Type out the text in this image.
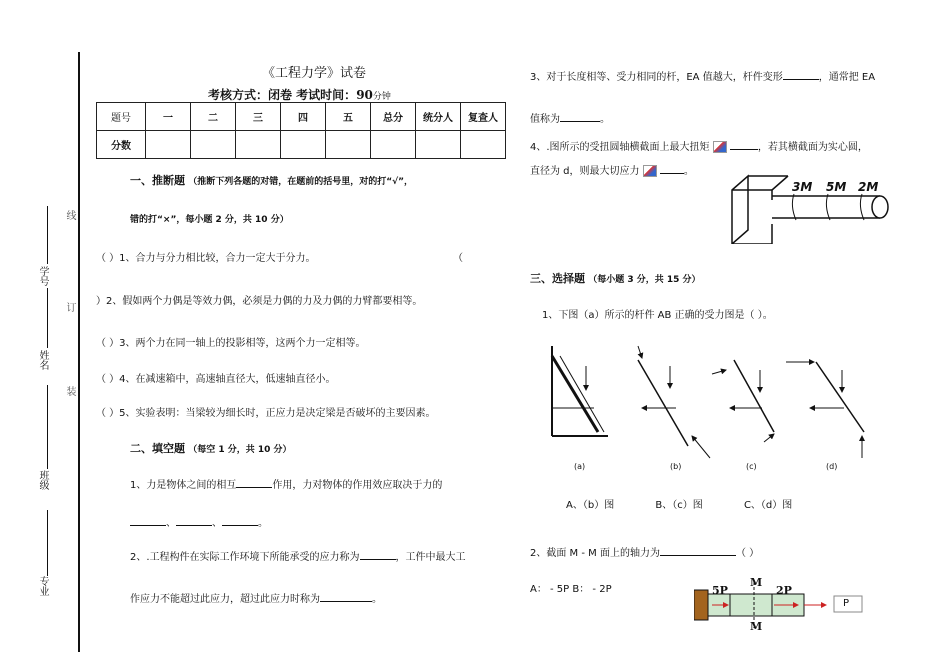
专业
班级
姓名
学号
线
订
装
《工程力学》试卷
考核方式：闭卷 考试时间：90分钟
题号	一	二	三	四	五	总分	统分人	复查人
分数								
一、推断题 （推断下列各题的对错，在题前的括号里，对的打“√”，
错的打“×”，每小题 2 分，共 10 分）
（ ）1、合力与分力相比较，合力一定大于分力。	（
）2、假如两个力偶是等效力偶，必须是力偶的力及力偶的力臂都要相等。
（ ）3、两个力在同一轴上的投影相等，这两个力一定相等。
（ ）4、在减速箱中，高速轴直径大，低速轴直径小。
（ ）5、实验表明：当梁较为细长时，正应力是决定梁是否破坏的主要因素。
二、填空题 （每空 1 分，共 10 分）
1、力是物体之间的相互	作用，力对物体的作用效应取决于力的
、	、	。
2、.工程构件在实际工作环境下所能承受的应力称为	，工件中最大工
作应力不能超过此应力，超过此应力时称为	。
3、对于长度相等、受力相同的杆，EA 值越大，杆件变形	，通常把 EA
值称为	。
4、.图所示的受扭圆轴横截面上最大扭矩	，若其横截面为实心圆，
直径为 d，则最大切应力	。
3M 5M 2M
三、选择题 （每小题 3 分，共 15 分）
1、下图（a）所示的杆件 AB 正确的受力图是（ ）。
(a)	(b)	(c)	(d)
A、（b）图	B、（c）图	C、（d）图
2、截面 M - M 面上的轴力为	（ ）
A： - 5P B： - 2P	5P
M
2P
M
P
